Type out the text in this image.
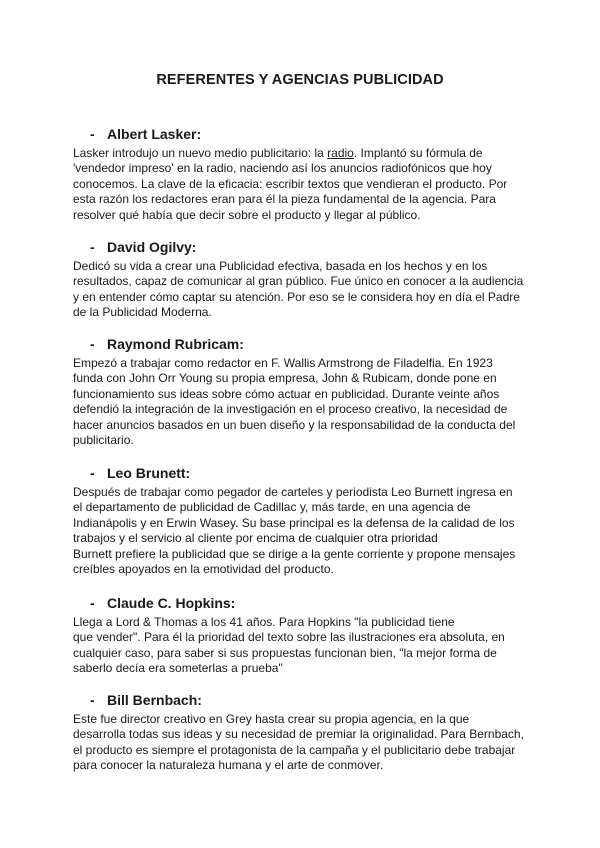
REFERENTES Y AGENCIAS PUBLICIDAD
- Albert Lasker:

Lasker introdujo un nuevo medio publicitario: la radio. Implantó su fórmula de
'vendedor impreso' en la radio, naciendo así los anuncios radiofónicos que hoy
conocemos. La clave de la eficacia: escribir textos que vendieran el producto. Por
esta razón los redactores eran para él la pieza fundamental de la agencia. Para
resolver qué había que decir sobre el producto y llegar al público.

- David Ogilvy:

Dedicó su vida a crear una Publicidad efectiva, basada en los hechos y en los
resultados, capaz de comunicar al gran público. Fue único en conocer a la audiencia
y en entender cómo captar su atención. Por eso se le considera hoy en día el Padre
de la Publicidad Moderna.

- Raymond Rubricam:

Empezó a trabajar como redactor en F. Wallis Armstrong de Filadelfia. En 1923
funda con John Orr Young su propia empresa, John & Rubicam, donde pone en
funcionamiento sus ideas sobre cómo actuar en publicidad. Durante veinte años
defendió la integración de la investigación en el proceso creativo, la necesidad de
hacer anuncios basados en un buen diseño y la responsabilidad de la conducta del
publicitario.

- Leo Brunett:

Después de trabajar como pegador de carteles y periodista Leo Burnett ingresa en
el departamento de publicidad de Cadillac y, más tarde, en una agencia de
Indianápolis y en Erwin Wasey. Su base principal es la defensa de la calidad de los
trabajos y el servicio al cliente por encima de cualquier otra prioridad
Burnett prefiere la publicidad que se dirige a la gente corriente y propone mensajes
creíbles apoyados en la emotividad del producto.

- Claude C. Hopkins:

Llega a Lord & Thomas a los 41 años. Para Hopkins "la publicidad tiene
que vender". Para él la prioridad del texto sobre las ilustraciones era absoluta, en
cualquier caso, para saber si sus propuestas funcionan bien, "la mejor forma de
saberlo decía era someterlas a prueba"

- Bill Bernbach:

Este fue director creativo en Grey hasta crear su propia agencia, en la que
desarrolla todas sus ideas y su necesidad de premiar la originalidad. Para Bernbach,
el producto es siempre el protagonista de la campaña y el publicitario debe trabajar
para conocer la naturaleza humana y el arte de conmover.
